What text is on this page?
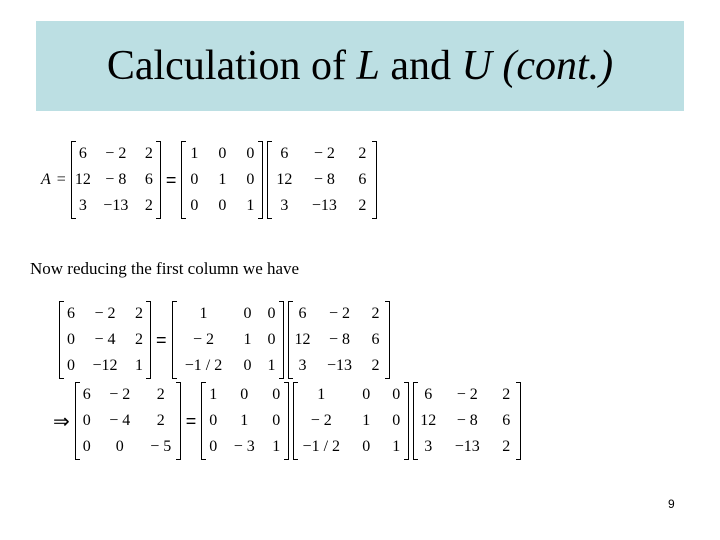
Calculation of L and U (cont.)
A =
6	− 2	2
12 − 8	6
3	−13	2
=
1	0	0
0	1	0
0	0	1
6	− 2	2
12	− 8	6
3	−13	2
Now reducing the first column we have
6	− 2	2
0	− 4	2
0	−12	1
=
1	0	0
− 2	1	0
−1 / 2	0	1
6	− 2	2
12	− 8	6
3	−13	2
⇒
6	− 2	2
0	− 4	2
0	0	− 5
=
1	0	0
0	1	0
0	− 3	1
1	0	0
− 2	1	0
−1 / 2	0	1
6	− 2	2
12	− 8	6
3	−13	2
9
